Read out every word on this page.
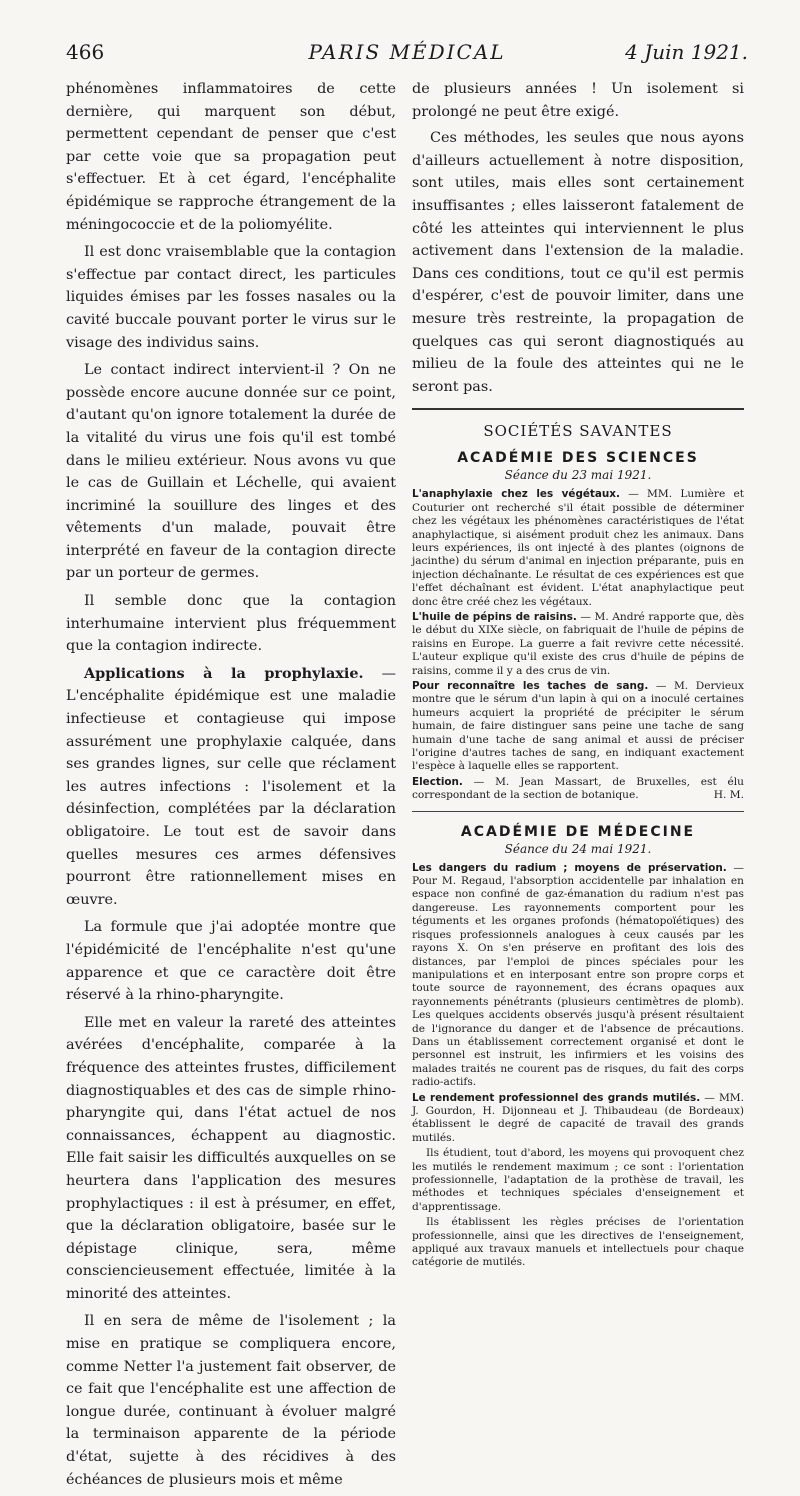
466	PARIS MÉDICAL	4 Juin 1921.

phénomènes inflammatoires de cette dernière, qui marquent son début, permettent cependant de penser que c'est par cette voie que sa propagation peut s'effectuer. Et à cet égard, l'encéphalite épidémique se rapproche étrangement de la méningococcie et de la poliomyélite.

Il est donc vraisemblable que la contagion s'effectue par contact direct, les particules liquides émises par les fosses nasales ou la cavité buccale pouvant porter le virus sur le visage des individus sains.

Le contact indirect intervient-il ? On ne possède encore aucune donnée sur ce point, d'autant qu'on ignore totalement la durée de la vitalité du virus une fois qu'il est tombé dans le milieu extérieur. Nous avons vu que le cas de Guillain et Léchelle, qui avaient incriminé la souillure des linges et des vêtements d'un malade, pouvait être interprété en faveur de la contagion directe par un porteur de germes.

Il semble donc que la contagion interhumaine intervient plus fréquemment que la contagion indirecte.

Applications à la prophylaxie. — L'encéphalite épidémique est une maladie infectieuse et contagieuse qui impose assurément une prophylaxie calquée, dans ses grandes lignes, sur celle que réclament les autres infections : l'isolement et la désinfection, complétées par la déclaration obligatoire. Le tout est de savoir dans quelles mesures ces armes défensives pourront être rationnellement mises en œuvre.

La formule que j'ai adoptée montre que l'épidémicité de l'encéphalite n'est qu'une apparence et que ce caractère doit être réservé à la rhino-pharyngite.

Elle met en valeur la rareté des atteintes avérées d'encéphalite, comparée à la fréquence des atteintes frustes, difficilement diagnostiquables et des cas de simple rhino-pharyngite qui, dans l'état actuel de nos connaissances, échappent au diagnostic. Elle fait saisir les difficultés auxquelles on se heurtera dans l'application des mesures prophylactiques : il est à présumer, en effet, que la déclaration obligatoire, basée sur le dépistage clinique, sera, même consciencieusement effectuée, limitée à la minorité des atteintes.

Il en sera de même de l'isolement ; la mise en pratique se compliquera encore, comme Netter l'a justement fait observer, de ce fait que l'encéphalite est une affection de longue durée, continuant à évoluer malgré la terminaison apparente de la période d'état, sujette à des récidives à des échéances de plusieurs mois et même

de plusieurs années ! Un isolement si prolongé ne peut être exigé.

Ces méthodes, les seules que nous ayons d'ailleurs actuellement à notre disposition, sont utiles, mais elles sont certainement insuffisantes ; elles laisseront fatalement de côté les atteintes qui interviennent le plus activement dans l'extension de la maladie. Dans ces conditions, tout ce qu'il est permis d'espérer, c'est de pouvoir limiter, dans une mesure très restreinte, la propagation de quelques cas qui seront diagnostiqués au milieu de la foule des atteintes qui ne le seront pas.

SOCIÉTÉS SAVANTES
ACADÉMIE DES SCIENCES
Séance du 23 mai 1921.

L'anaphylaxie chez les végétaux. — MM. Lumière et Couturier ont recherché s'il était possible de déterminer chez les végétaux les phénomènes caractéristiques de l'état anaphylactique, si aisément produit chez les animaux. Dans leurs expériences, ils ont injecté à des plantes (oignons de jacinthe) du sérum d'animal en injection préparante, puis en injection déchaînante. Le résultat de ces expériences est que l'effet déchaînant est évident. L'état anaphylactique peut donc être créé chez les végétaux.

L'huile de pépins de raisins. — M. André rapporte que, dès le début du XIXe siècle, on fabriquait de l'huile de pépins de raisins en Europe. La guerre a fait revivre cette nécessité. L'auteur explique qu'il existe des crus d'huile de pépins de raisins, comme il y a des crus de vin.

Pour reconnaître les taches de sang. — M. Dervieux montre que le sérum d'un lapin à qui on a inoculé certaines humeurs acquiert la propriété de précipiter le sérum humain, de faire distinguer sans peine une tache de sang humain d'une tache de sang animal et aussi de préciser l'origine d'autres taches de sang, en indiquant exactement l'espèce à laquelle elles se rapportent.

Election. — M. Jean Massart, de Bruxelles, est élu correspondant de la section de botanique.	H. M.

ACADÉMIE DE MÉDECINE
Séance du 24 mai 1921.

Les dangers du radium ; moyens de préservation. — Pour M. Regaud, l'absorption accidentelle par inhalation en espace non confiné de gaz-émanation du radium n'est pas dangereuse. Les rayonnements comportent pour les téguments et les organes profonds (hématopoïétiques) des risques professionnels analogues à ceux causés par les rayons X. On s'en préserve en profitant des lois des distances, par l'emploi de pinces spéciales pour les manipulations et en interposant entre son propre corps et toute source de rayonnement, des écrans opaques aux rayonnements pénétrants (plusieurs centimètres de plomb). Les quelques accidents observés jusqu'à présent résultaient de l'ignorance du danger et de l'absence de précautions. Dans un établissement correctement organisé et dont le personnel est instruit, les infirmiers et les voisins des malades traités ne courent pas de risques, du fait des corps radio-actifs.

Le rendement professionnel des grands mutilés. — MM. J. Gourdon, H. Dijonneau et J. Thibaudeau (de Bordeaux) établissent le degré de capacité de travail des grands mutilés.

Ils étudient, tout d'abord, les moyens qui provoquent chez les mutilés le rendement maximum ; ce sont : l'orientation professionnelle, l'adaptation de la prothèse de travail, les méthodes et techniques spéciales d'enseignement et d'apprentissage.

Ils établissent les règles précises de l'orientation professionnelle, ainsi que les directives de l'enseignement, appliqué aux travaux manuels et intellectuels pour chaque catégorie de mutilés.
